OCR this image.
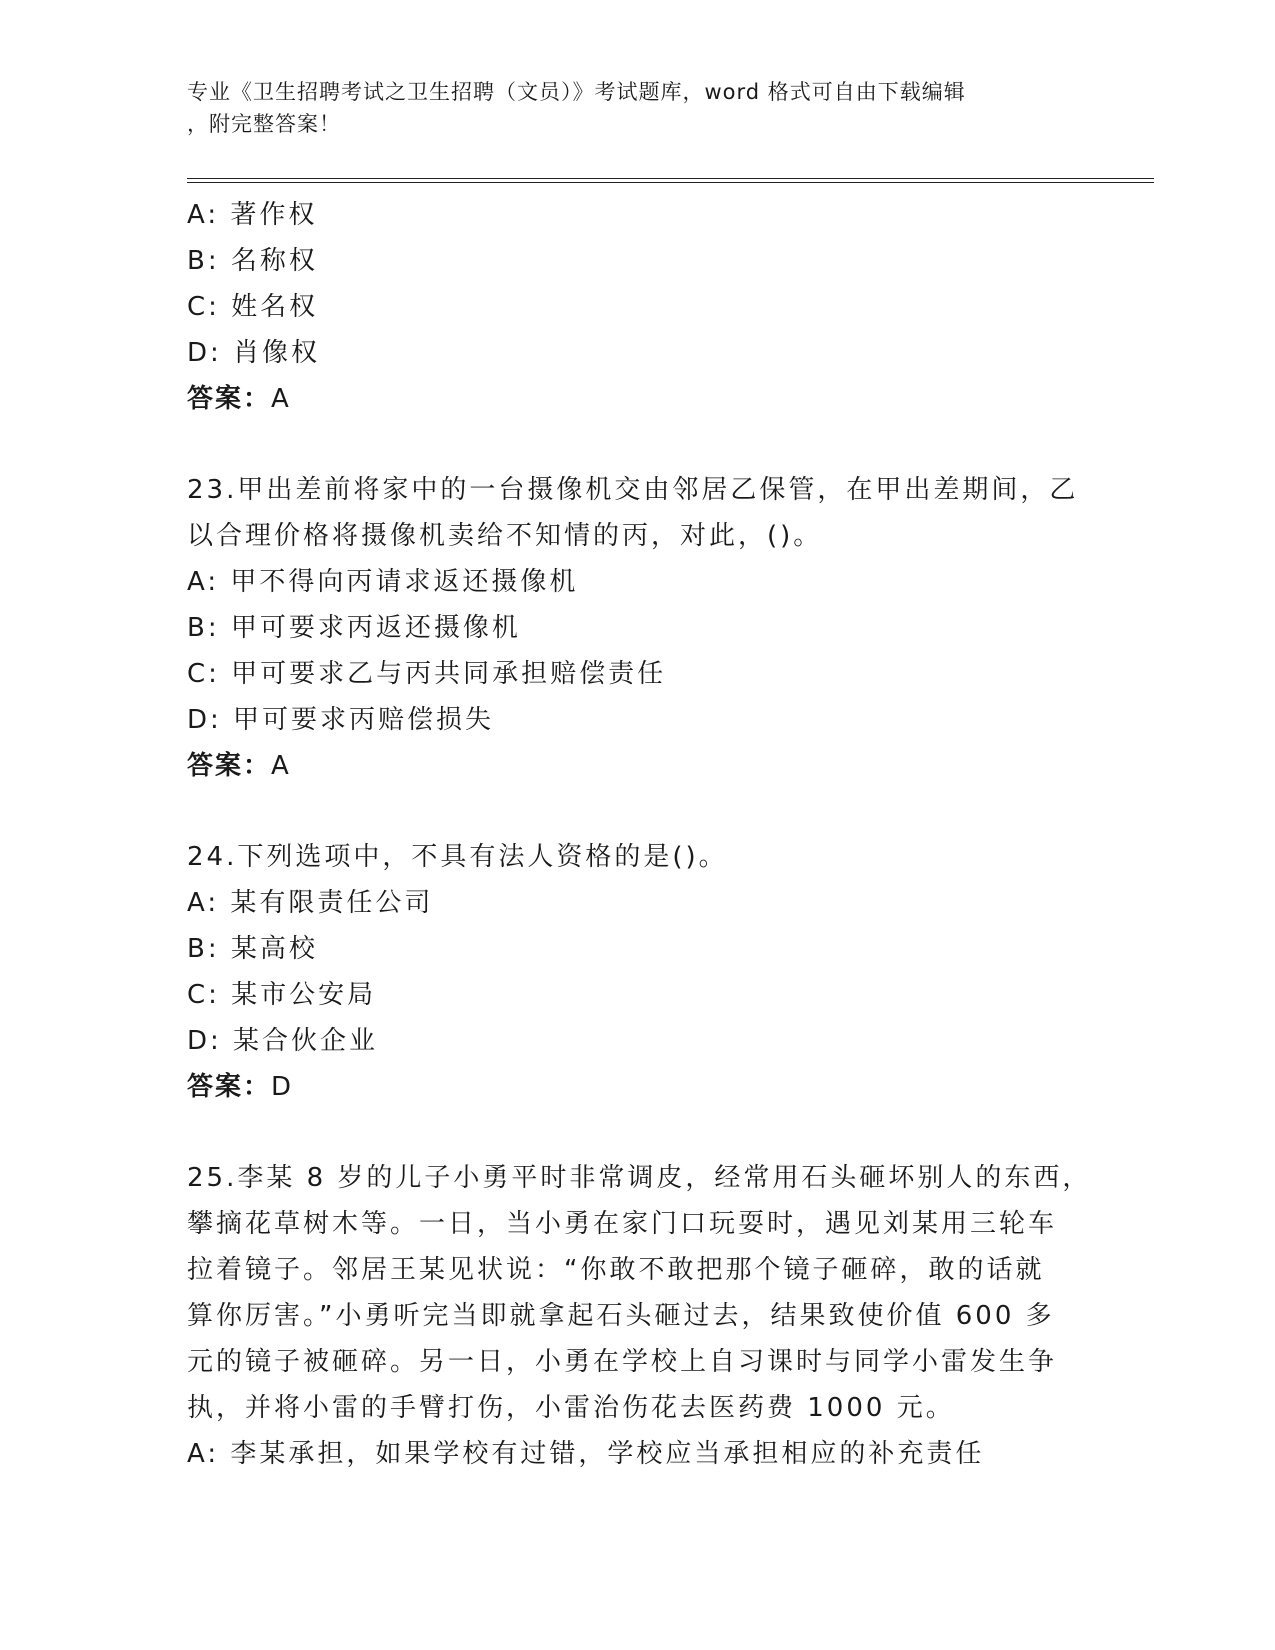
专业《卫生招聘考试之卫生招聘（文员）》考试题库，word 格式可自由下载编辑
，附完整答案！

A: 著作权

B: 名称权

C: 姓名权

D: 肖像权

答案：A

23.甲出差前将家中的一台摄像机交由邻居乙保管，在甲出差期间，乙

以合理价格将摄像机卖给不知情的丙，对此，()。

A: 甲不得向丙请求返还摄像机

B: 甲可要求丙返还摄像机

C: 甲可要求乙与丙共同承担赔偿责任

D: 甲可要求丙赔偿损失

答案：A

24.下列选项中，不具有法人资格的是()。

A: 某有限责任公司

B: 某高校

C: 某市公安局

D: 某合伙企业

答案：D

25.李某 8 岁的儿子小勇平时非常调皮，经常用石头砸坏别人的东西，

攀摘花草树木等。一日，当小勇在家门口玩耍时，遇见刘某用三轮车

拉着镜子。邻居王某见状说：“你敢不敢把那个镜子砸碎，敢的话就

算你厉害。”小勇听完当即就拿起石头砸过去，结果致使价值 600 多

元的镜子被砸碎。另一日，小勇在学校上自习课时与同学小雷发生争

执，并将小雷的手臂打伤，小雷治伤花去医药费 1000 元。

A: 李某承担，如果学校有过错，学校应当承担相应的补充责任
